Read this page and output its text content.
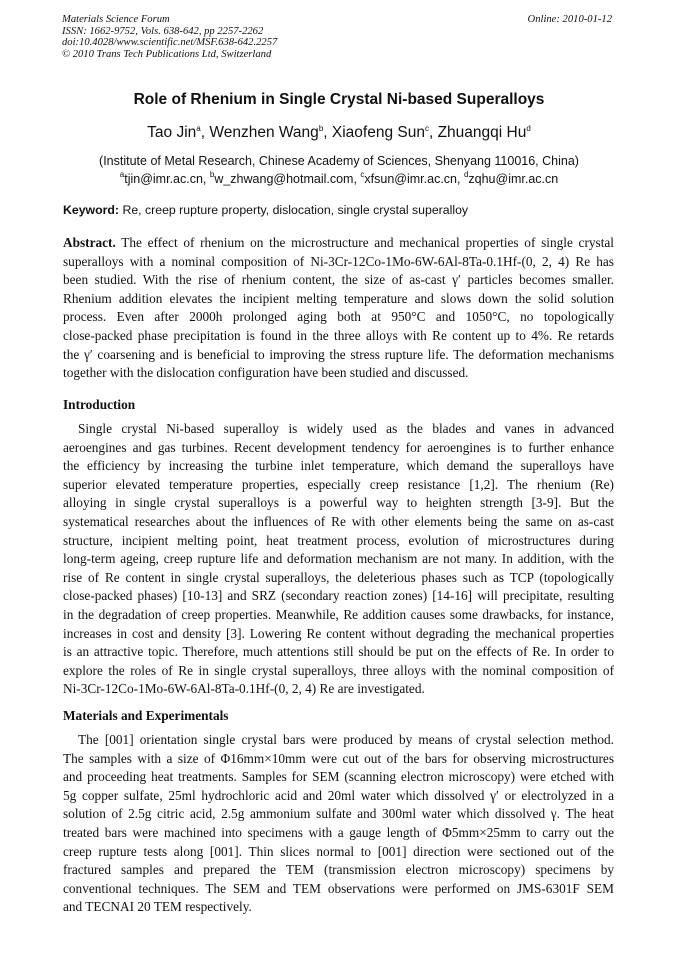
Materials Science Forum
ISSN: 1662-9752, Vols. 638-642, pp 2257-2262
doi:10.4028/www.scientific.net/MSF.638-642.2257
© 2010 Trans Tech Publications Ltd, Switzerland
Online: 2010-01-12
Role of Rhenium in Single Crystal Ni-based Superalloys
Tao Jin$^a$, Wenzhen Wang$^b$, Xiaofeng Sun$^c$, Zhuangqi Hu$^d$
(Institute of Metal Research, Chinese Academy of Sciences, Shenyang 110016, China)
$^a$tjin@imr.ac.cn, $^b$w_zhwang@hotmail.com, $^c$xfsun@imr.ac.cn, $^d$zqhu@imr.ac.cn
Keyword: Re, creep rupture property, dislocation, single crystal superalloy
Abstract. The effect of rhenium on the microstructure and mechanical properties of single crystal
superalloys with a nominal composition of Ni-3Cr-12Co-1Mo-6W-6Al-8Ta-0.1Hf-(0, 2, 4) Re has
been studied. With the rise of rhenium content, the size of as-cast γ′ particles becomes smaller.
Rhenium addition elevates the incipient melting temperature and slows down the solid solution
process. Even after 2000h prolonged aging both at 950°C and 1050°C, no topologically
close-packed phase precipitation is found in the three alloys with Re content up to 4%. Re retards
the γ′ coarsening and is beneficial to improving the stress rupture life. The deformation mechanisms
together with the dislocation configuration have been studied and discussed.
Introduction
Single crystal Ni-based superalloy is widely used as the blades and vanes in advanced
aeroengines and gas turbines. Recent development tendency for aeroengines is to further enhance
the efficiency by increasing the turbine inlet temperature, which demand the superalloys have
superior elevated temperature properties, especially creep resistance [1,2]. The rhenium (Re)
alloying in single crystal superalloys is a powerful way to heighten strength [3-9]. But the
systematical researches about the influences of Re with other elements being the same on as-cast
structure, incipient melting point, heat treatment process, evolution of microstructures during
long-term ageing, creep rupture life and deformation mechanism are not many. In addition, with the
rise of Re content in single crystal superalloys, the deleterious phases such as TCP (topologically
close-packed phases) [10-13] and SRZ (secondary reaction zones) [14-16] will precipitate, resulting
in the degradation of creep properties. Meanwhile, Re addition causes some drawbacks, for instance,
increases in cost and density [3]. Lowering Re content without degrading the mechanical properties
is an attractive topic. Therefore, much attentions still should be put on the effects of Re. In order to
explore the roles of Re in single crystal superalloys, three alloys with the nominal composition of
Ni-3Cr-12Co-1Mo-6W-6Al-8Ta-0.1Hf-(0, 2, 4) Re are investigated.
Materials and Experimentals
The [001] orientation single crystal bars were produced by means of crystal selection method.
The samples with a size of Φ16mm×10mm were cut out of the bars for observing microstructures
and proceeding heat treatments. Samples for SEM (scanning electron microscopy) were etched with
5g copper sulfate, 25ml hydrochloric acid and 20ml water which dissolved γ′ or electrolyzed in a
solution of 2.5g citric acid, 2.5g ammonium sulfate and 300ml water which dissolved γ. The heat
treated bars were machined into specimens with a gauge length of Φ5mm×25mm to carry out the
creep rupture tests along [001]. Thin slices normal to [001] direction were sectioned out of the
fractured samples and prepared the TEM (transmission electron microscopy) specimens by
conventional techniques. The SEM and TEM observations were performed on JMS-6301F SEM
and TECNAI 20 TEM respectively.
